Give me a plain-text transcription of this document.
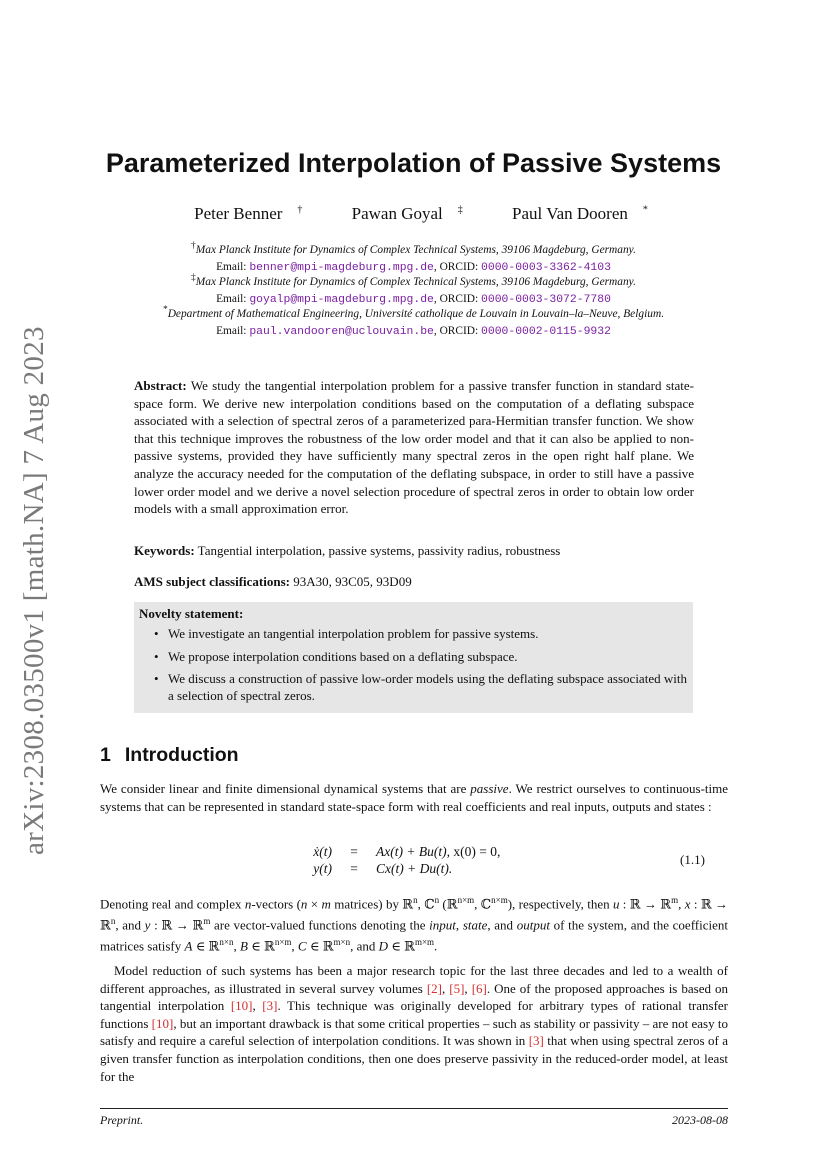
arXiv:2308.03500v1 [math.NA] 7 Aug 2023
Parameterized Interpolation of Passive Systems
Peter Benner †	Pawan Goyal ‡	Paul Van Dooren *
†Max Planck Institute for Dynamics of Complex Technical Systems, 39106 Magdeburg, Germany.
Email: benner@mpi-magdeburg.mpg.de, ORCID: 0000-0003-3362-4103
‡Max Planck Institute for Dynamics of Complex Technical Systems, 39106 Magdeburg, Germany.
Email: goyalp@mpi-magdeburg.mpg.de, ORCID: 0000-0003-3072-7780
*Department of Mathematical Engineering, Université catholique de Louvain in Louvain–la–Neuve, Belgium.
Email: paul.vandooren@uclouvain.be, ORCID: 0000-0002-0115-9932
Abstract: We study the tangential interpolation problem for a passive transfer function in standard state-space form. We derive new interpolation conditions based on the computation of a deflating subspace associated with a selection of spectral zeros of a parameterized para-Hermitian transfer function. We show that this technique improves the robustness of the low order model and that it can also be applied to non-passive systems, provided they have sufficiently many spectral zeros in the open right half plane. We analyze the accuracy needed for the computation of the deflating subspace, in order to still have a passive lower order model and we derive a novel selection procedure of spectral zeros in order to obtain low order models with a small approximation error.
Keywords: Tangential interpolation, passive systems, passivity radius, robustness
AMS subject classifications: 93A30, 93C05, 93D09
Novelty statement:
• We investigate an tangential interpolation problem for passive systems.
• We propose interpolation conditions based on a deflating subspace.
• We discuss a construction of passive low-order models using the deflating subspace associated with a selection of spectral zeros.
1 Introduction
We consider linear and finite dimensional dynamical systems that are passive. We restrict ourselves to continuous-time systems that can be represented in standard state-space form with real coefficients and real inputs, outputs and states :
ẋ(t)	=	Ax(t) + Bu(t), x(0) = 0,
y(t)	=	Cx(t) + Du(t).
(1.1)
Denoting real and complex n-vectors (n × m matrices) by ℝ$^n$, ℂ$^n$ (ℝ$^{n\times m}$, ℂ$^{n\times m}$), respectively, then u : ℝ → ℝ$^m$, x : ℝ → ℝ$^n$, and y : ℝ → ℝ$^m$ are vector-valued functions denoting the input, state, and output of the system, and the coefficient matrices satisfy A ∈ ℝ$^{n\times n}$, B ∈ ℝ$^{n\times m}$, C ∈ ℝ$^{m\times n}$, and D ∈ ℝ$^{m\times m}$.
Model reduction of such systems has been a major research topic for the last three decades and led to a wealth of different approaches, as illustrated in several survey volumes [2], [5], [6]. One of the proposed approaches is based on tangential interpolation [10], [3]. This technique was originally developed for arbitrary types of rational transfer functions [10], but an important drawback is that some critical properties – such as stability or passivity – are not easy to satisfy and require a careful selection of interpolation conditions. It was shown in [3] that when using spectral zeros of a given transfer function as interpolation conditions, then one does preserve passivity in the reduced-order model, at least for the
Preprint.	2023-08-08
